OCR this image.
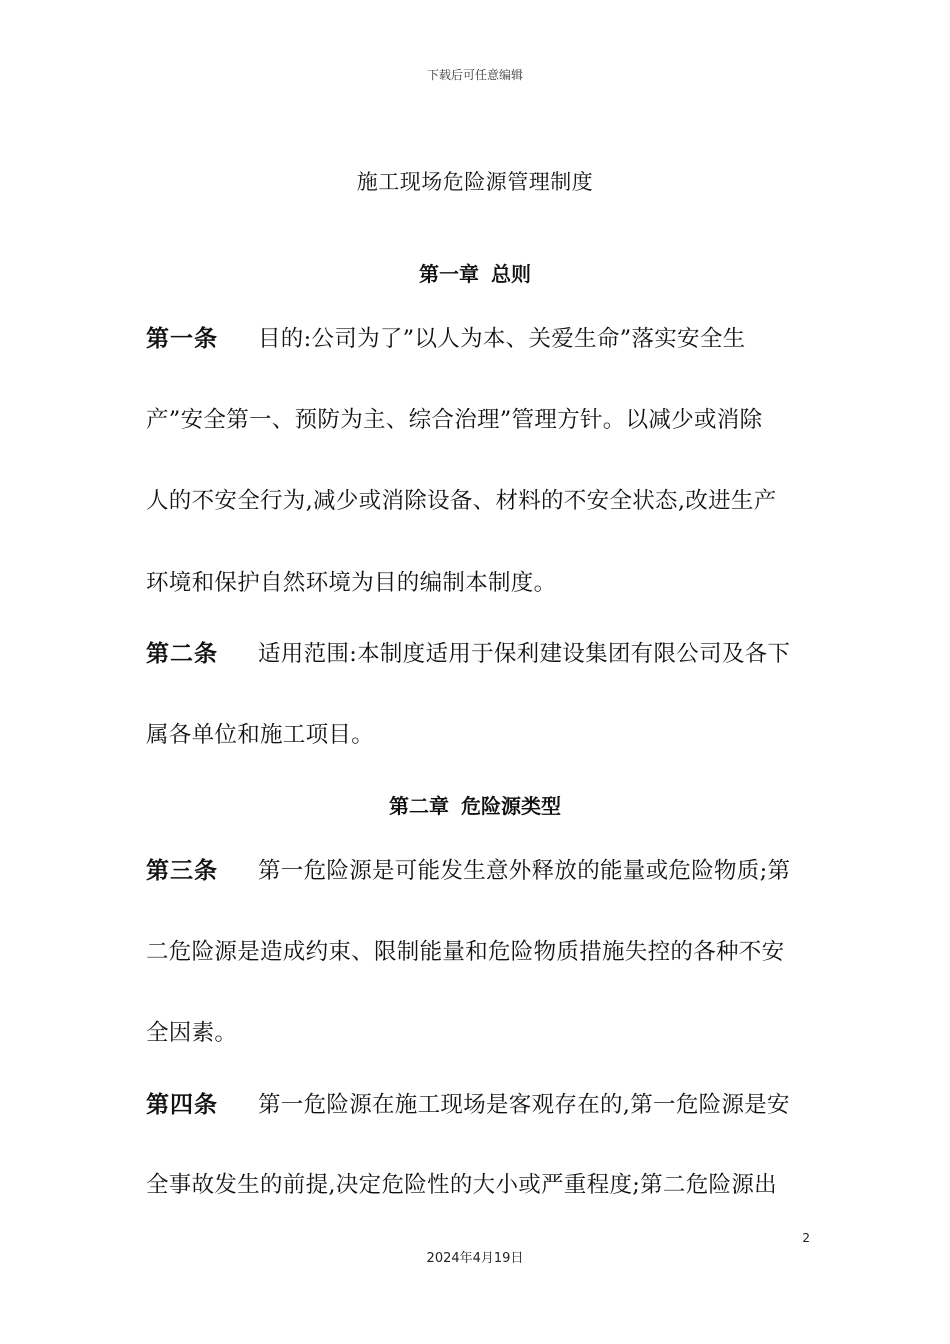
下载后可任意编辑
施工现场危险源管理制度
第一章 总则
第一条 目的:公司为了”以人为本、关爱生命”落实安全生
产”安全第一、预防为主、综合治理”管理方针。以减少或消除
人的不安全行为,减少或消除设备、材料的不安全状态,改进生产
环境和保护自然环境为目的编制本制度。
第二条 适用范围:本制度适用于保利建设集团有限公司及各下
属各单位和施工项目。
第二章 危险源类型
第三条 第一危险源是可能发生意外释放的能量或危险物质;第
二危险源是造成约束、限制能量和危险物质措施失控的各种不安
全因素。
第四条 第一危险源在施工现场是客观存在的,第一危险源是安
全事故发生的前提,决定危险性的大小或严重程度;第二危险源出
2
2024年4月19日
